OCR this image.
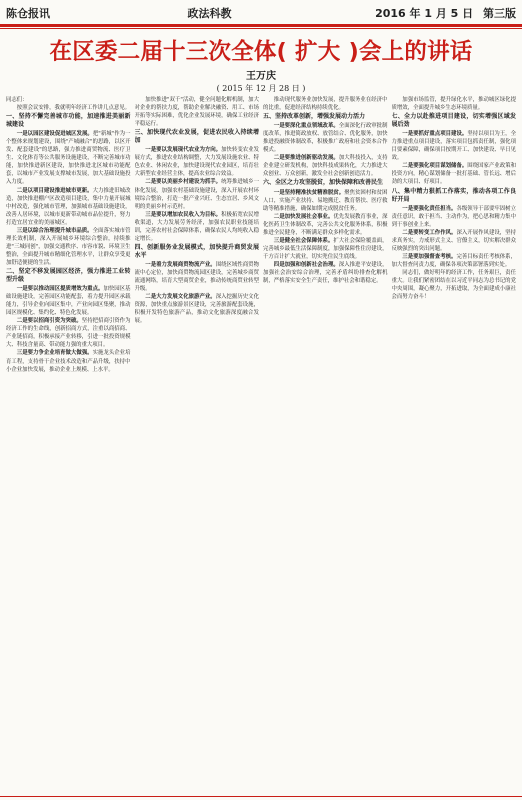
陈仓报讯	政法科教	2016 年 1 月 5 日 第三版
在区委二届十三次全体( 扩大 )会上的讲话
王万庆
( 2015 年 12 月 28 日 )

同志们：

按照会议安排，我就明年经济工作讲几点意见。

一、坚持不懈完善城市功能，加速推进美丽新城建设

一是以园区建设促进城区发展。把"新城"作为一个整体来规划建设，围绕"产城融合"的思路，以区开发、配套建设"的思路，强力推进商贸物流、医疗卫生、文化体育等公共服务设施建设，不断完善城市功能，加快推进新区建设，加快推进北区城市功能配套，以城市产业发展支撑城市发展，加大基础设施投入力度。

二是以项目建设推进城市更新。大力推进旧城改造，加快推进棚户区改造项目建设，集中力量开展城中村改造，强化城市管理，加强城市基础设施建设，改善人居环境，以城市更新带动城市品位提升，努力打造宜居宜业的美丽城区。

三是以综合治理提升城市品质。全面落实城市管理长效机制，深入开展城乡环境综合整治，持续推进"三城同创"，加强交通秩序、市容市貌、环境卫生整治，全面提升城市精细化管理水平，让群众享受更加舒适便捷的生活。

二、坚定不移发展园区经济，强力推进工业转型升级

一是要以推动园区提质增效为重点。加快园区基础设施建设，完善园区功能配套，着力提升园区承载能力，引导企业向园区集中，产业向园区集聚，推动园区规模化、集约化、特色化发展。

二是要以招商引资为突破。坚持把招商引资作为经济工作的生命线，创新招商方式，注重以商招商、产业链招商，积极承接产业转移，引进一批投资规模大、科技含量高、带动能力强的重大项目。

三是要力争企业培育做大做强。实施龙头企业培育工程，支持骨干企业技术改造和产品升级，扶持中小企业加快发展，推动企业上规模、上水平。

加快推进"双千"活动，健全问题化解机制，加大对企业的帮扶力度，帮助企业解决融资、用工、市场开拓等实际困难，优化企业发展环境，确保工业经济平稳运行。

三、加快现代农业发展，促进农民收入持续增加

一是要以发展现代农业为方向。加快转变农业发展方式，推进农业结构调整，大力发展设施农业、特色农业、休闲农业，加快建设现代农业园区，培育壮大新型农业经营主体，提高农业综合效益。

二是要以美丽乡村建设为抓手。统筹推进城乡一体化发展，加强农村基础设施建设，深入开展农村环境综合整治，打造一批产业兴旺、生态宜居、乡风文明的美丽乡村示范村。

三是要以增加农民收入为目标。积极拓宽农民增收渠道，大力发展劳务经济，加强农民职业技能培训，完善农村社会保障体系，确保农民人均纯收入稳定增长。

四、创新服务业发展模式，加快提升商贸发展水平

一是着力发展商贸物流产业。围绕区域性商贸物流中心定位，加快商贸物流园区建设，完善城乡商贸流通网络，培育大型商贸企业，推动传统商贸业转型升级。

二是大力发展文化旅游产业。深入挖掘历史文化资源，加快重点旅游景区建设，完善旅游配套设施，积极开发特色旅游产品，推动文化旅游深度融合发展。

推动现代服务业加快发展，提升服务业在经济中的比重，促进经济结构持续优化。

五、坚持改革创新，增强发展动力活力

一是要深化重点领域改革。全面深化行政审批制度改革，推进简政放权、放管结合、优化服务，加快推进投融资体制改革，积极推广政府和社会资本合作模式。

二是要推进创新驱动发展。加大科技投入，支持企业建立研发机构，加快科技成果转化，大力推进大众创业、万众创新，激发全社会创新创造活力。

六、全区之力攻坚脱贫，加快保障和改善民生

一是坚持精准扶贫精准脱贫。聚焦贫困村和贫困人口，实施产业扶持、易地搬迁、教育帮扶、医疗救助等精准措施，确保如期完成脱贫任务。

二是加快发展社会事业。优先发展教育事业，深化医药卫生体制改革，完善公共文化服务体系，积极推进全民健身，不断满足群众多样化需求。

三是健全社会保障体系。扩大社会保险覆盖面，完善城乡最低生活保障制度，加强保障性住房建设，千方百计扩大就业，切实兜住民生底线。

四是加强和创新社会治理。深入推进平安建设，加强社会治安综合治理，完善矛盾纠纷排查化解机制，严格落实安全生产责任，维护社会和谐稳定。

加强市场监管，提升绿化水平，推动城区绿化提质增效，全面提升城乡生态环境质量。

七、全力以赴推进项目建设，切实增强区域发展后劲

一是要抓好重点项目建设。坚持以项目为王，全力推进重点项目建设，落实项目包抓责任制，强化项目要素保障，确保项目按期开工、加快建设、早日见效。

二是要强化项目谋划储备。围绕国家产业政策和投资方向，精心谋划储备一批打基础、管长远、增后劲的大项目、好项目。

八、集中精力狠抓工作落实，推动各项工作良好开局

一是要强化责任担当。各级领导干部要牢固树立责任意识，敢于担当、主动作为，把心思和精力集中到干事创业上来。

二是要转变工作作风。深入开展作风建设，坚持求真务实，力戒形式主义、官僚主义，切实解决群众反映强烈的突出问题。

三是要加强督查考核。完善目标责任考核体系，加大督查问责力度，确保各项决策部署落到实处。

同志们，做好明年的经济工作，任务艰巨，责任重大。让我们紧密团结在以习近平同志为总书记的党中央周围，凝心聚力，开拓进取，为全面建成小康社会而努力奋斗！
